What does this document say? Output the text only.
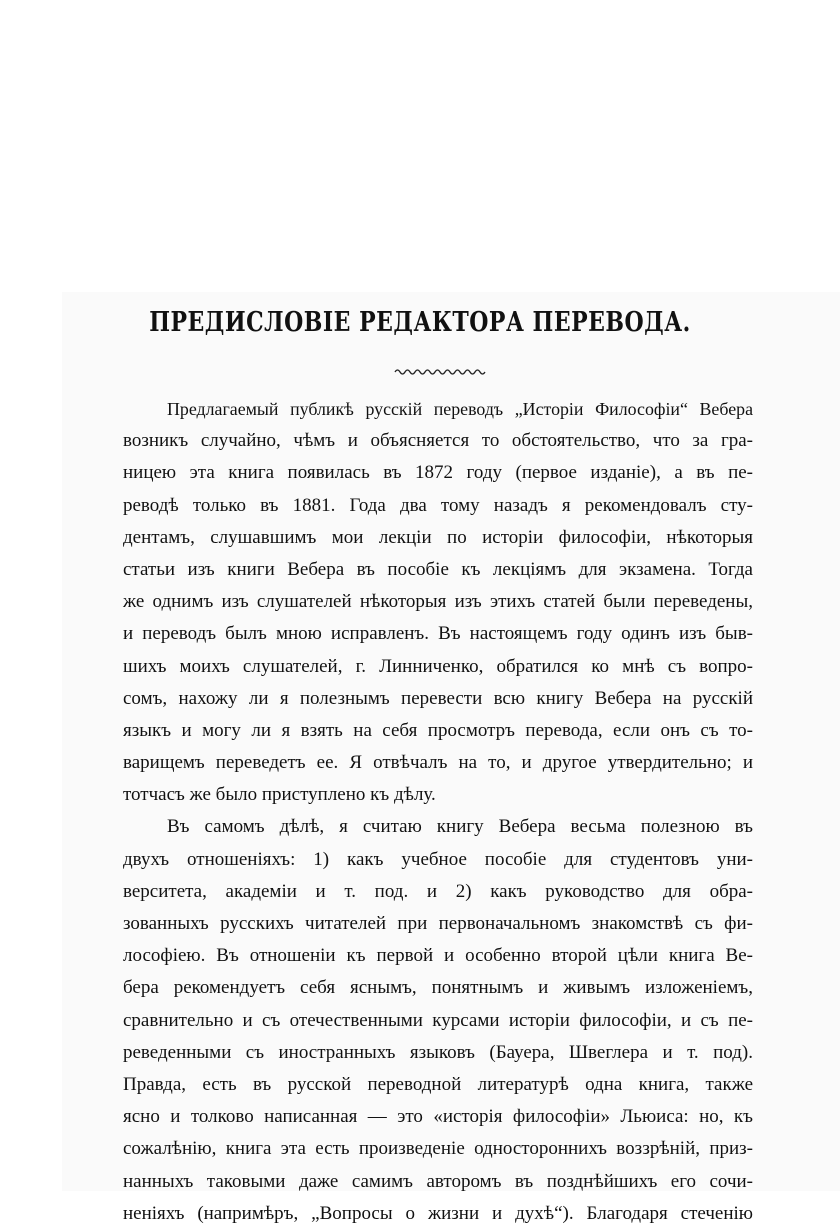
ПРЕДИСЛОВІЕ РЕДАКТОРА ПЕРЕВОДА.
Предлагаемый публикѣ русскій переводъ „Исторіи Философіи“ Вебера
возникъ случайно, чѣмъ и объясняется то обстоятельство, что за гра-
ницею эта книга появилась въ 1872 году (первое изданіе), а въ пе-
реводѣ только въ 1881. Года два тому назадъ я рекомендовалъ сту-
дентамъ, слушавшимъ мои лекціи по исторіи философіи, нѣкоторыя
статьи изъ книги Вебера въ пособіе къ лекціямъ для экзамена. Тогда
же однимъ изъ слушателей нѣкоторыя изъ этихъ статей были переведены,
и переводъ былъ мною исправленъ. Въ настоящемъ году одинъ изъ быв-
шихъ моихъ слушателей, г. Линниченко, обратился ко мнѣ съ вопро-
сомъ, нахожу ли я полезнымъ перевести всю книгу Вебера на русскій
языкъ и могу ли я взять на себя просмотръ перевода, если онъ съ то-
варищемъ переведетъ ее. Я отвѣчалъ на то, и другое утвердительно; и
тотчасъ же было приступлено къ дѣлу.
Въ самомъ дѣлѣ, я считаю книгу Вебера весьма полезною въ
двухъ отношеніяхъ: 1) какъ учебное пособіе для студентовъ уни-
верситета, академіи и т. под. и 2) какъ руководство для обра-
зованныхъ русскихъ читателей при первоначальномъ знакомствѣ съ фи-
лософіею. Въ отношеніи къ первой и особенно второй цѣли книга Ве-
бера рекомендуетъ себя яснымъ, понятнымъ и живымъ изложеніемъ,
сравнительно и съ отечественными курсами исторіи философіи, и съ пе-
реведенными съ иностранныхъ языковъ (Бауера, Швеглера и т. под).
Правда, есть въ русской переводной литературѣ одна книга, также
ясно и толково написанная — это «исторія философіи» Льюиса: но, къ
сожалѣнію, книга эта есть произведеніе одностороннихъ воззрѣній, приз-
нанныхъ таковыми даже самимъ авторомъ въ позднѣйшихъ его сочи-
неніяхъ (напримѣръ, „Вопросы о жизни и духѣ“). Благодаря стеченію
